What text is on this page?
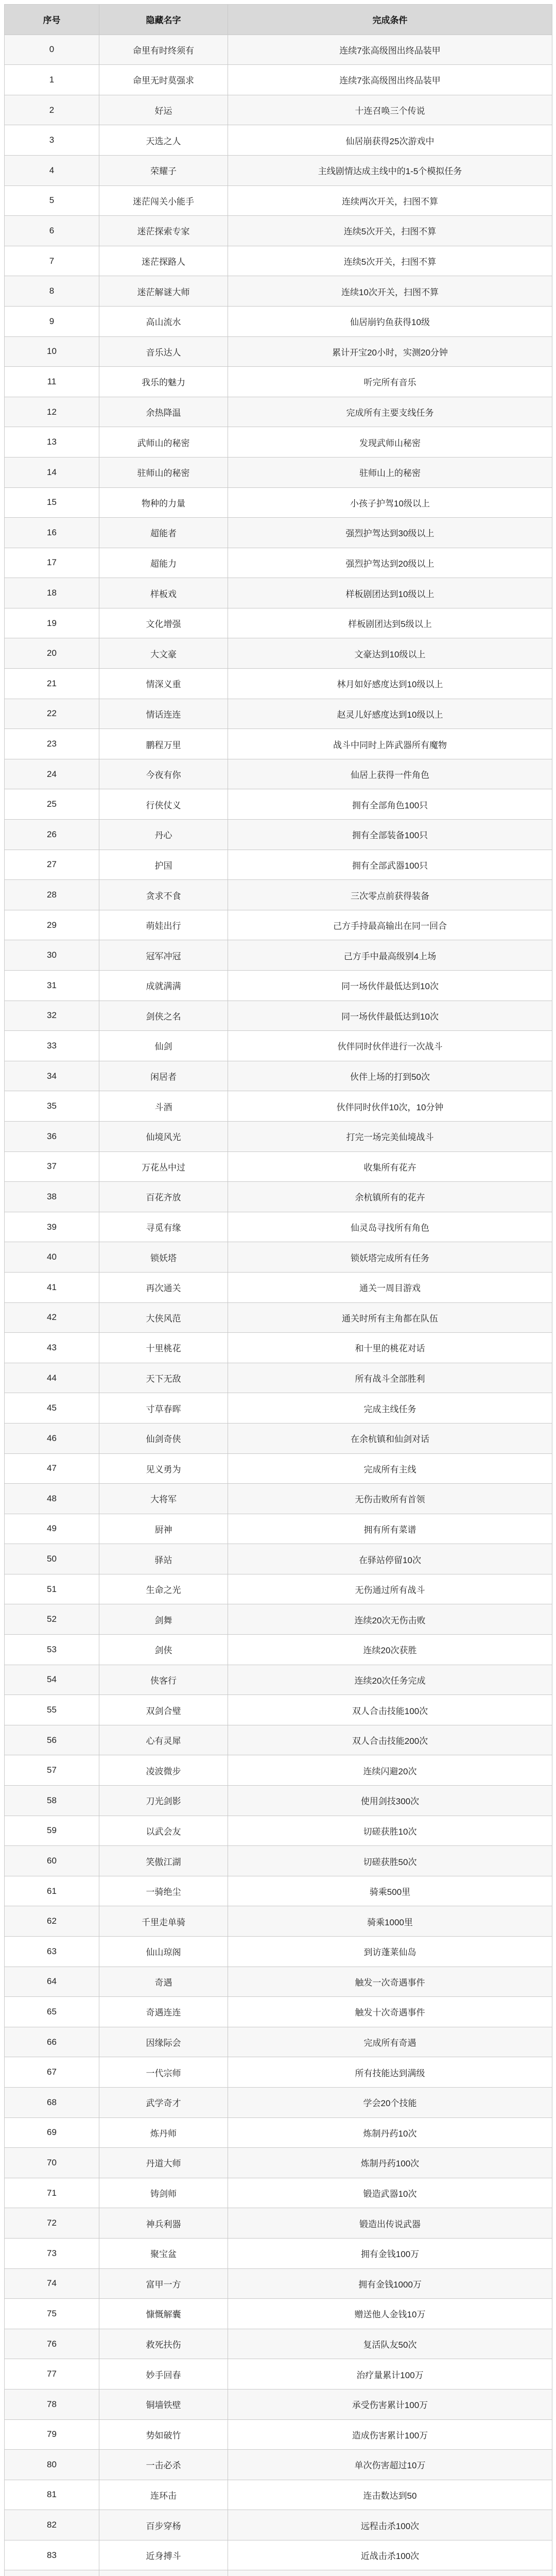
序号	隐藏名字	完成条件
0	命里有时终须有	连续7张高级图出终品装甲
1	命里无时莫强求	连续7张高级图出终品装甲
2	好运	十连召唤三个传说
3	天选之人	仙居崩获得25次游戏中
4	荣耀子	主线剧情达成主线中的1-5个模拟任务
5	迷茫闯关小能手	连续两次开关，扫图不算
6	迷茫探索专家	连续5次开关，扫图不算
7	迷茫探路人	连续5次开关，扫图不算
8	迷茫解谜大师	连续10次开关，扫图不算
9	高山流水	仙居崩钓鱼获得10级
10	音乐达人	累计开宝20小时，实测20分钟
11	我乐的魅力	听完所有音乐
12	余热降温	完成所有主要支线任务
13	武师山的秘密	发现武师山秘密
14	驻师山的秘密	驻师山上的秘密
15	物种的力量	小孩子护驾10级以上
16	超能者	强烈护驾达到30级以上
17	超能力	强烈护驾达到20级以上
18	样板戏	样板剧团达到10级以上
19	文化增强	样板剧团达到5级以上
20	大文豪	文豪达到10级以上
21	情深义重	林月如好感度达到10级以上
22	情话连连	赵灵儿好感度达到10级以上
23	鹏程万里	战斗中同时上阵武器所有魔物
24	今夜有你	仙居上获得一件角色
25	行侠仗义	拥有全部角色100只
26	丹心	拥有全部装备100只
27	护国	拥有全部武器100只
28	贪求不食	三次零点前获得装备
29	萌娃出行	己方手持最高输出在同一回合
30	冠军冲冠	己方手中最高级别4上场
31	成就满满	同一场伙伴最低达到10次
32	剑侠之名	同一场伙伴最低达到10次
33	仙剑	伙伴同时伙伴进行一次战斗
34	闲居者	伙伴上场的打到50次
35	斗酒	伙伴同时伙伴10次，10分钟
36	仙境风光	打完一场完美仙境战斗
37	万花丛中过	收集所有花卉
38	百花齐放	余杭镇所有的花卉
39	寻觅有缘	仙灵岛寻找所有角色
40	锁妖塔	锁妖塔完成所有任务
41	再次通关	通关一周目游戏
42	大侠风范	通关时所有主角都在队伍
43	十里桃花	和十里的桃花对话
44	天下无敌	所有战斗全部胜利
45	寸草春晖	完成主线任务
46	仙剑奇侠	在余杭镇和仙剑对话
47	见义勇为	完成所有主线
48	大将军	无伤击败所有首领
49	厨神	拥有所有菜谱
50	驿站	在驿站停留10次
51	生命之光	无伤通过所有战斗
52	剑舞	连续20次无伤击败
53	剑侠	连续20次获胜
54	侠客行	连续20次任务完成
55	双剑合璧	双人合击技能100次
56	心有灵犀	双人合击技能200次
57	凌波微步	连续闪避20次
58	刀光剑影	使用剑技300次
59	以武会友	切磋获胜10次
60	笑傲江湖	切磋获胜50次
61	一骑绝尘	骑乘500里
62	千里走单骑	骑乘1000里
63	仙山琼阁	到访蓬莱仙岛
64	奇遇	触发一次奇遇事件
65	奇遇连连	触发十次奇遇事件
66	因缘际会	完成所有奇遇
67	一代宗师	所有技能达到满级
68	武学奇才	学会20个技能
69	炼丹师	炼制丹药10次
70	丹道大师	炼制丹药100次
71	铸剑师	锻造武器10次
72	神兵利器	锻造出传说武器
73	聚宝盆	拥有金钱100万
74	富甲一方	拥有金钱1000万
75	慷慨解囊	赠送他人金钱10万
76	救死扶伤	复活队友50次
77	妙手回春	治疗量累计100万
78	铜墙铁壁	承受伤害累计100万
79	势如破竹	造成伤害累计100万
80	一击必杀	单次伤害超过10万
81	连环击	连击数达到50
82	百步穿杨	远程击杀100次
83	近身搏斗	近战击杀100次
